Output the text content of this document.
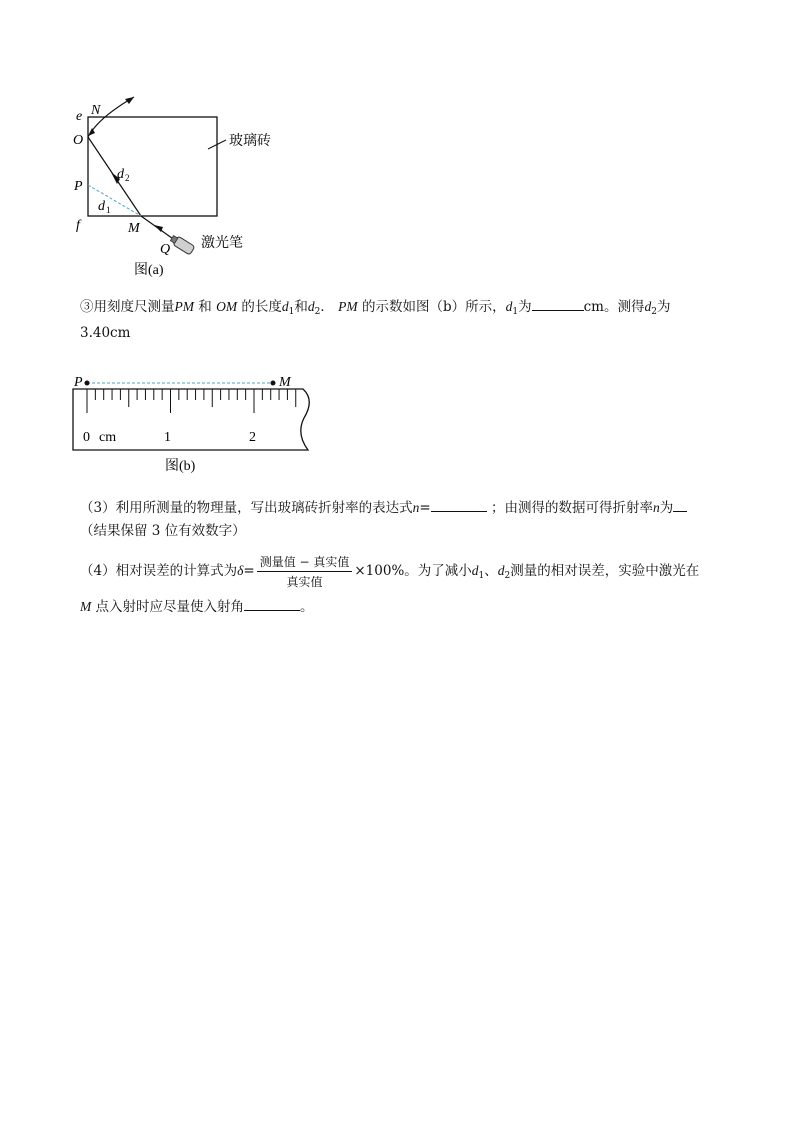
e N
O
P
f	M
Q
d 2
d 1
玻璃砖
激光笔
图(a)
③用刻度尺测量PM 和 OM 的长度$d_1$和$d_2$． PM 的示数如图（b）所示，$d_1$为	cm。测得$d_2$为
3.40cm
P	M
0 cm	1	2
图(b)
（3）利用所测量的物理量，写出玻璃砖折射率的表达式n=	；由测得的数据可得折射率n为
（结果保留 3 位有效数字）
（4）相对误差的计算式为$\delta= \frac{\text{测量值 − 真实值}}{\text{真实值}} \times 100\%$。为了减小$d_1$、$d_2$测量的相对误差，实验中激光在
M 点入射时应尽量使入射角	。
